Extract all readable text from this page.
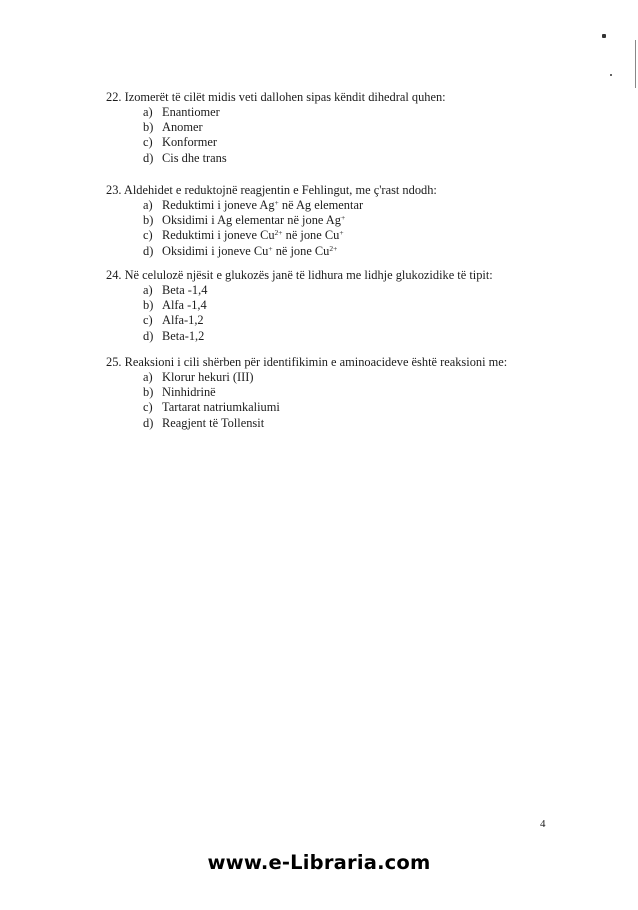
22. Izomerët të cilët midis veti dallohen sipas këndit dihedral quhen:
a) Enantiomer
b) Anomer
c) Konformer
d) Cis dhe trans
23. Aldehidet e reduktojnë reagjentin e Fehlingut, me ç'rast ndodh:
a) Reduktimi i joneve Ag+ në Ag elementar
b) Oksidimi i Ag elementar në jone Ag+
c) Reduktimi i joneve $Cu^{2+}$ në jone Cu+
d) Oksidimi i joneve Cu+ në jone $Cu^{2+}$
24. Në celulozë njësit e glukozës janë të lidhura me lidhje glukozidike të tipit:
a) Beta -1,4
b) Alfa -1,4
c) Alfa-1,2
d) Beta-1,2
25. Reaksioni i cili shërben për identifikimin e aminoacideve është reaksioni me:
a) Klorur hekuri (III)
b) Ninhidrinë
c) Tartarat natriumkaliumi
d) Reagjent të Tollensit
4
www.e-Libraria.com
